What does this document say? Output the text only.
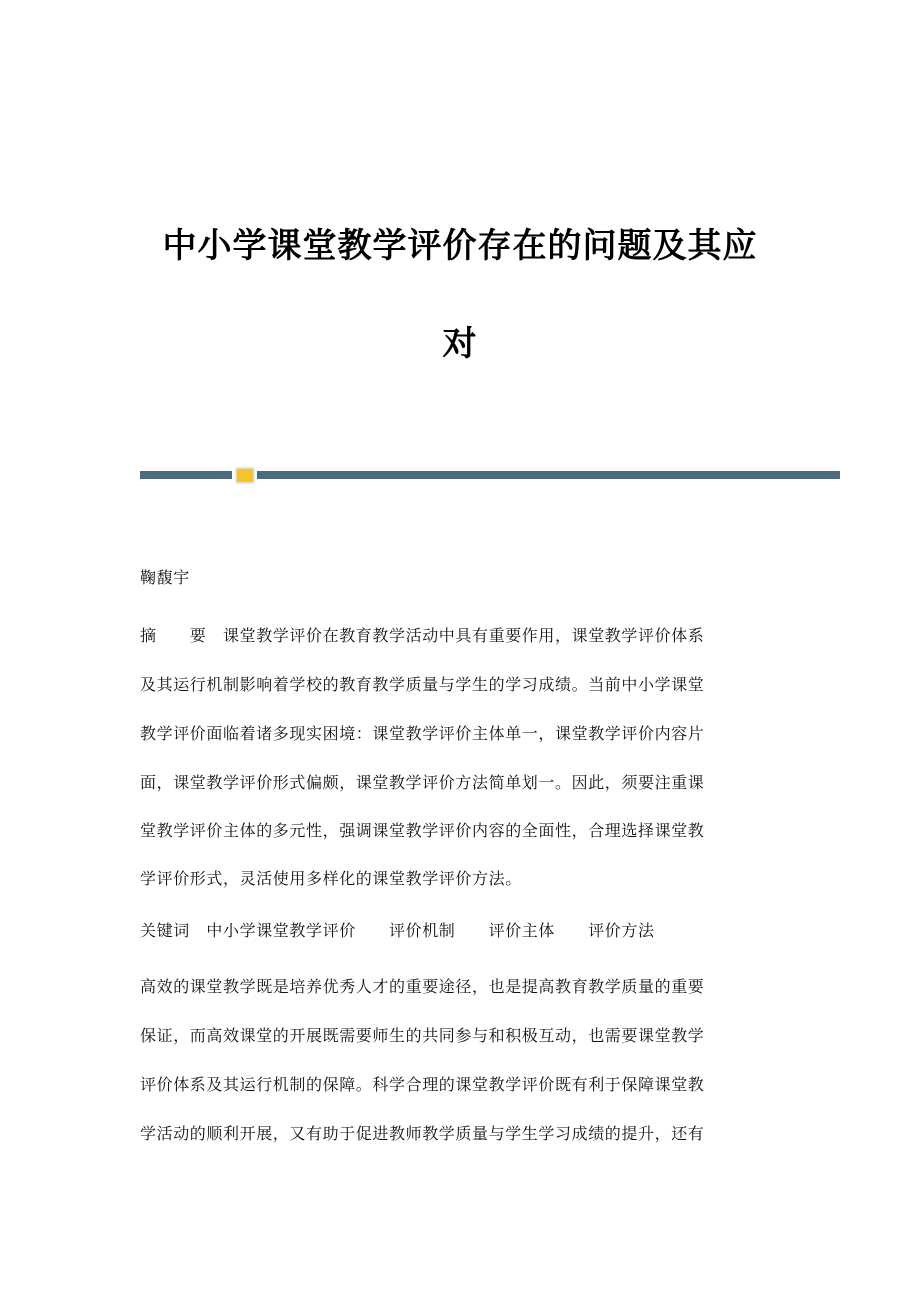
中小学课堂教学评价存在的问题及其应
对
鞠馥宇
摘　　要　课堂教学评价在教育教学活动中具有重要作用，课堂教学评价体系
及其运行机制影响着学校的教育教学质量与学生的学习成绩。当前中小学课堂
教学评价面临着诸多现实困境：课堂教学评价主体单一，课堂教学评价内容片
面，课堂教学评价形式偏颇，课堂教学评价方法简单划一。因此，须要注重课
堂教学评价主体的多元性，强调课堂教学评价内容的全面性，合理选择课堂教
学评价形式，灵活使用多样化的课堂教学评价方法。
关键词　中小学课堂教学评价　　评价机制　　评价主体　　评价方法
高效的课堂教学既是培养优秀人才的重要途径，也是提高教育教学质量的重要
保证，而高效课堂的开展既需要师生的共同参与和积极互动，也需要课堂教学
评价体系及其运行机制的保障。科学合理的课堂教学评价既有利于保障课堂教
学活动的顺利开展，又有助于促进教师教学质量与学生学习成绩的提升，还有
